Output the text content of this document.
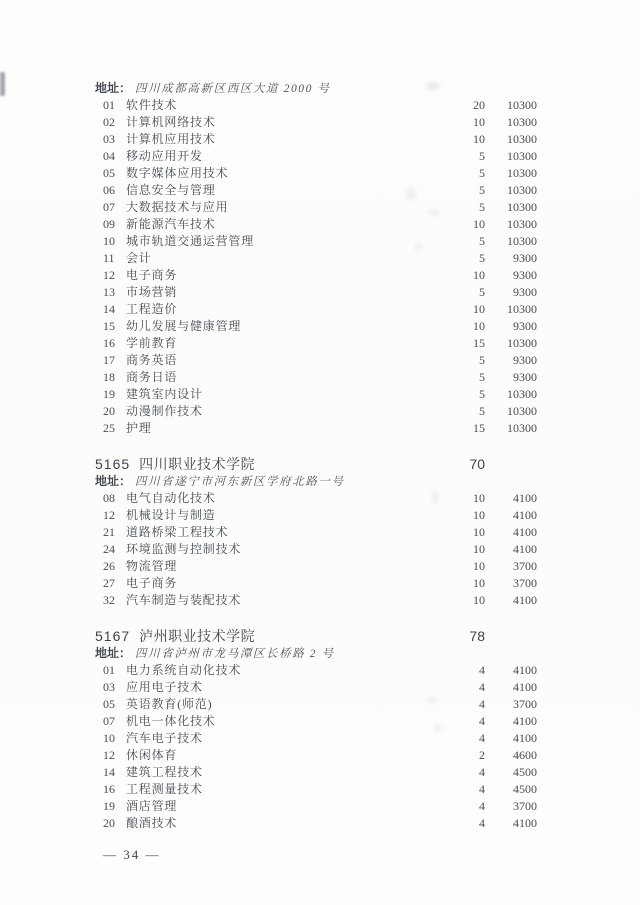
地址： 四川成都高新区西区大道 2000 号
01 软件技术	20	10300
02 计算机网络技术	10	10300
03 计算机应用技术	10	10300
04 移动应用开发	5	10300
05 数字媒体应用技术	5	10300
06 信息安全与管理	5	10300
07 大数据技术与应用	5	10300
09 新能源汽车技术	10	10300
10 城市轨道交通运营管理	5	10300
11 会计	5	9300
12 电子商务	10	9300
13 市场营销	5	9300
14 工程造价	10	10300
15 幼儿发展与健康管理	10	9300
16 学前教育	15	10300
17 商务英语	5	9300
18 商务日语	5	9300
19 建筑室内设计	5	10300
20 动漫制作技术	5	10300
25 护理	15	10300
5165 四川职业技术学院	70
地址： 四川省遂宁市河东新区学府北路一号
08 电气自动化技术	10	4100
12 机械设计与制造	10	4100
21 道路桥梁工程技术	10	4100
24 环境监测与控制技术	10	4100
26 物流管理	10	3700
27 电子商务	10	3700
32 汽车制造与装配技术	10	4100
5167 泸州职业技术学院	78
地址： 四川省泸州市龙马潭区长桥路 2 号
01 电力系统自动化技术	4	4100
03 应用电子技术	4	4100
05 英语教育(师范)	4	3700
07 机电一体化技术	4	4100
10 汽车电子技术	4	4100
12 休闲体育	2	4600
14 建筑工程技术	4	4500
16 工程测量技术	4	4500
19 酒店管理	4	3700
20 酿酒技术	4	4100
— 34 —
